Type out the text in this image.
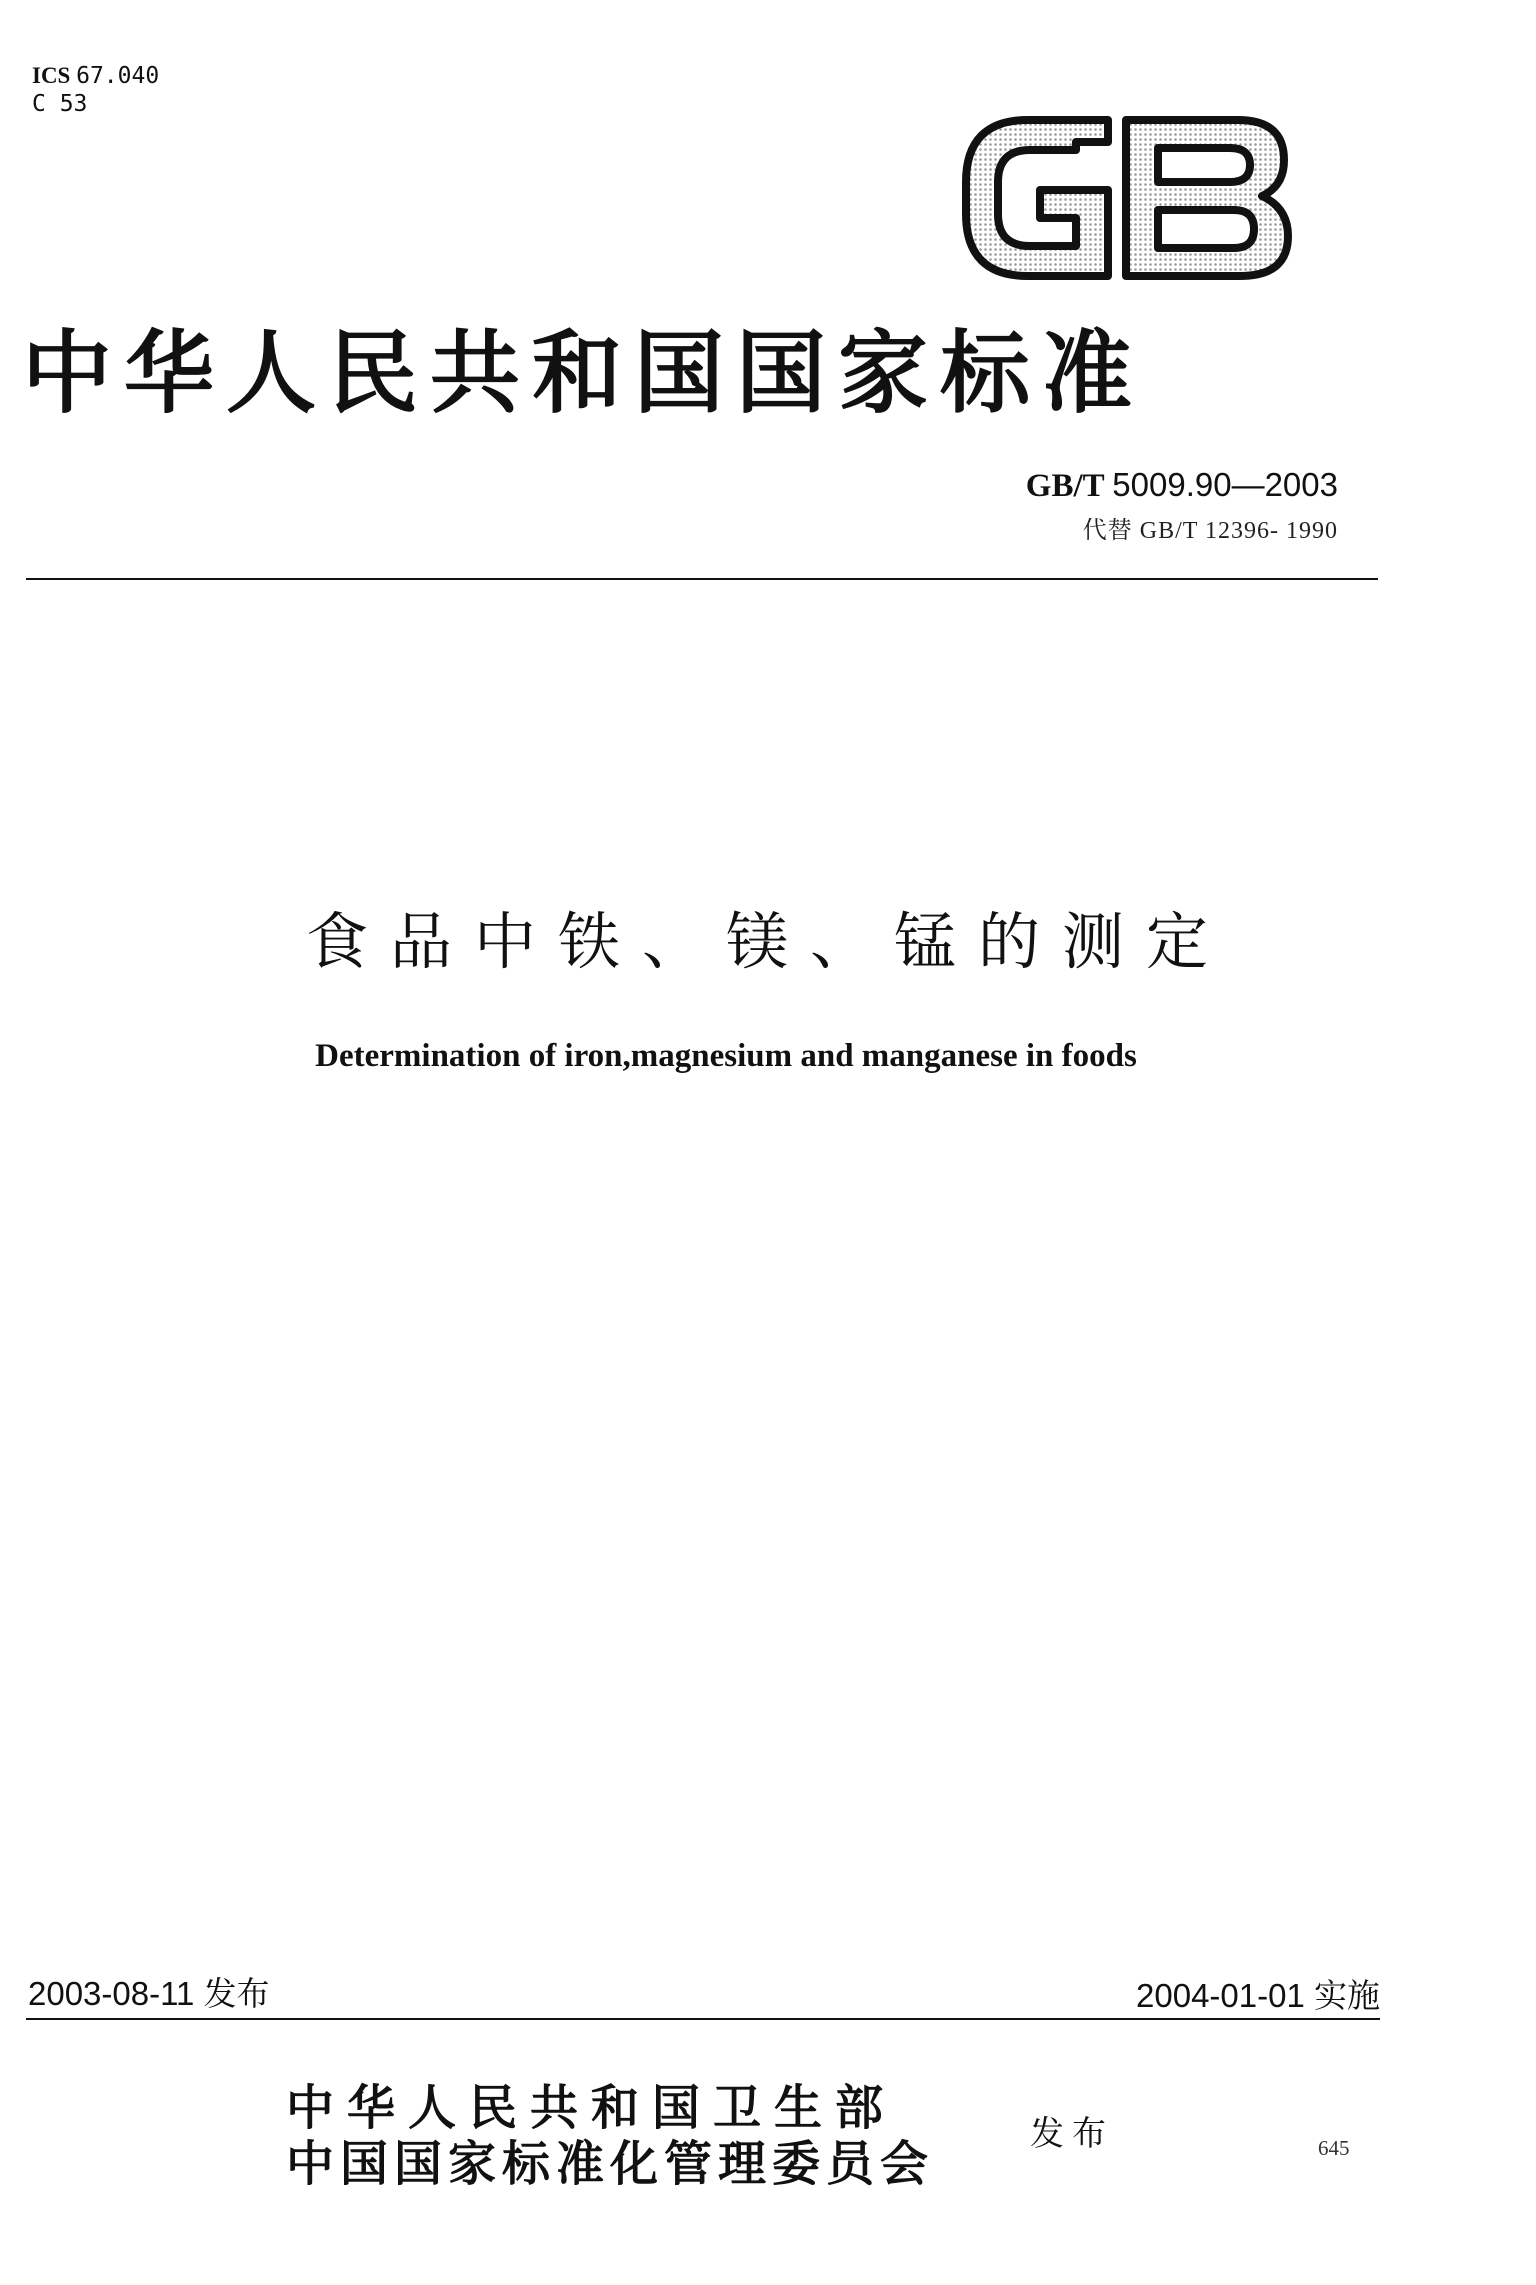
ICS 67.040
C 53	GB
中华人民共和国国家标准
GB/T 5009.90—2003
代替 GB/T 12396- 1990
食品中铁、镁、锰的测定
Determination of iron,magnesium and manganese in foods
2003-08-11 发布	2004-01-01 实施
中华人民共和国卫生部
中国国家标准化管理委员会
发布	645
